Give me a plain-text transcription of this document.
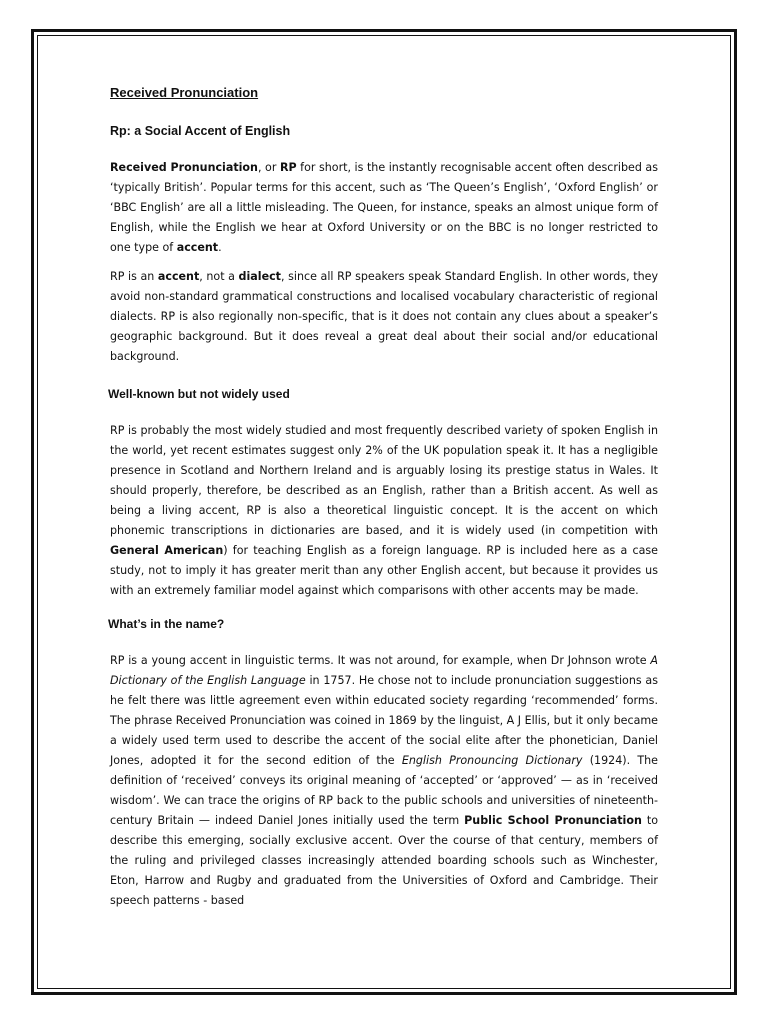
Received Pronunciation
Rp: a Social Accent of English

Received Pronunciation, or RP for short, is the instantly recognisable accent often described as ‘typically British’. Popular terms for this accent, such as ‘The Queen’s English’, ‘Oxford English’ or ‘BBC English’ are all a little misleading. The Queen, for instance, speaks an almost unique form of English, while the English we hear at Oxford University or on the BBC is no longer restricted to one type of accent.

RP is an accent, not a dialect, since all RP speakers speak Standard English. In other words, they avoid non-standard grammatical constructions and localised vocabulary characteristic of regional dialects. RP is also regionally non-specific, that is it does not contain any clues about a speaker’s geographic background. But it does reveal a great deal about their social and/or educational background.

Well-known but not widely used

RP is probably the most widely studied and most frequently described variety of spoken English in the world, yet recent estimates suggest only 2% of the UK population speak it. It has a negligible presence in Scotland and Northern Ireland and is arguably losing its prestige status in Wales. It should properly, therefore, be described as an English, rather than a British accent. As well as being a living accent, RP is also a theoretical linguistic concept. It is the accent on which phonemic transcriptions in dictionaries are based, and it is widely used (in competition with General American) for teaching English as a foreign language. RP is included here as a case study, not to imply it has greater merit than any other English accent, but because it provides us with an extremely familiar model against which comparisons with other accents may be made.

What’s in the name?

RP is a young accent in linguistic terms. It was not around, for example, when Dr Johnson wrote A Dictionary of the English Language in 1757. He chose not to include pronunciation suggestions as he felt there was little agreement even within educated society regarding ‘recommended’ forms. The phrase Received Pronunciation was coined in 1869 by the linguist, A J Ellis, but it only became a widely used term used to describe the accent of the social elite after the phonetician, Daniel Jones, adopted it for the second edition of the English Pronouncing Dictionary (1924). The definition of ‘received’ conveys its original meaning of ‘accepted’ or ‘approved’ — as in ‘received wisdom’. We can trace the origins of RP back to the public schools and universities of nineteenth-century Britain — indeed Daniel Jones initially used the term Public School Pronunciation to describe this emerging, socially exclusive accent. Over the course of that century, members of the ruling and privileged classes increasingly attended boarding schools such as Winchester, Eton, Harrow and Rugby and graduated from the Universities of Oxford and Cambridge. Their speech patterns - based
